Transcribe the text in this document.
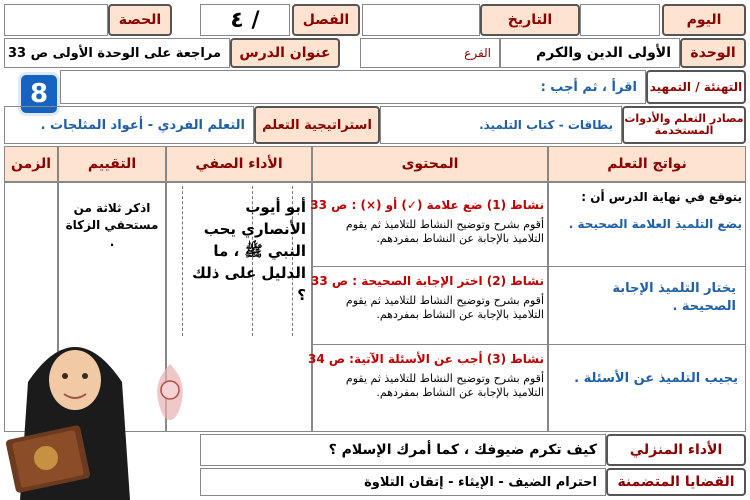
اليوم
التاريخ
الفصل
٤ /
الحصة
الوحدة
الأولى الدين والكرم
الفرع
عنوان الدرس
مراجعة على الوحدة الأولى ص 33
التهنئة / التمهيد
اقرأ ، ثم أجب :
8
مصادر التعلم والأدوات المستخدمة
بطاقات - كتاب التلميذ.
استراتيجية التعلم
التعلم الفردي - أعواد المثلجات .
نواتج التعلم
المحتوى
الأداء الصفي
التقييم
الزمن
يتوقع في نهاية الدرس أن :
يضع التلميذ العلامة الصحيحة .
يختار التلميذ الإجابة الصحيحة .
يجيب التلميذ عن الأسئلة .
نشاط (1) ضع علامة (✓) أو (×) : ص 33
أقوم بشرح وتوضيح النشاط للتلاميذ ثم يقوم التلاميذ بالإجابة عن النشاط بمفردهم.
نشاط (2) اختر الإجابة الصحيحة : ص 33
أقوم بشرح وتوضيح النشاط للتلاميذ ثم يقوم التلاميذ بالإجابة عن النشاط بمفردهم.
نشاط (3) أجب عن الأسئلة الآتية: ص 34
أقوم بشرح وتوضيح النشاط للتلاميذ ثم يقوم التلاميذ بالإجابة عن النشاط بمفردهم.
أبو أيوب الأنصاري يحب النبي ﷺ ، ما الدليل على ذلك ؟
اذكر ثلاثة من مستحقي الزكاة .
الأداء المنزلي
كيف تكرم ضيوفك ، كما أمرك الإسلام ؟
القضايا المتضمنة
احترام الضيف - الإيثاء - إتقان التلاوة
